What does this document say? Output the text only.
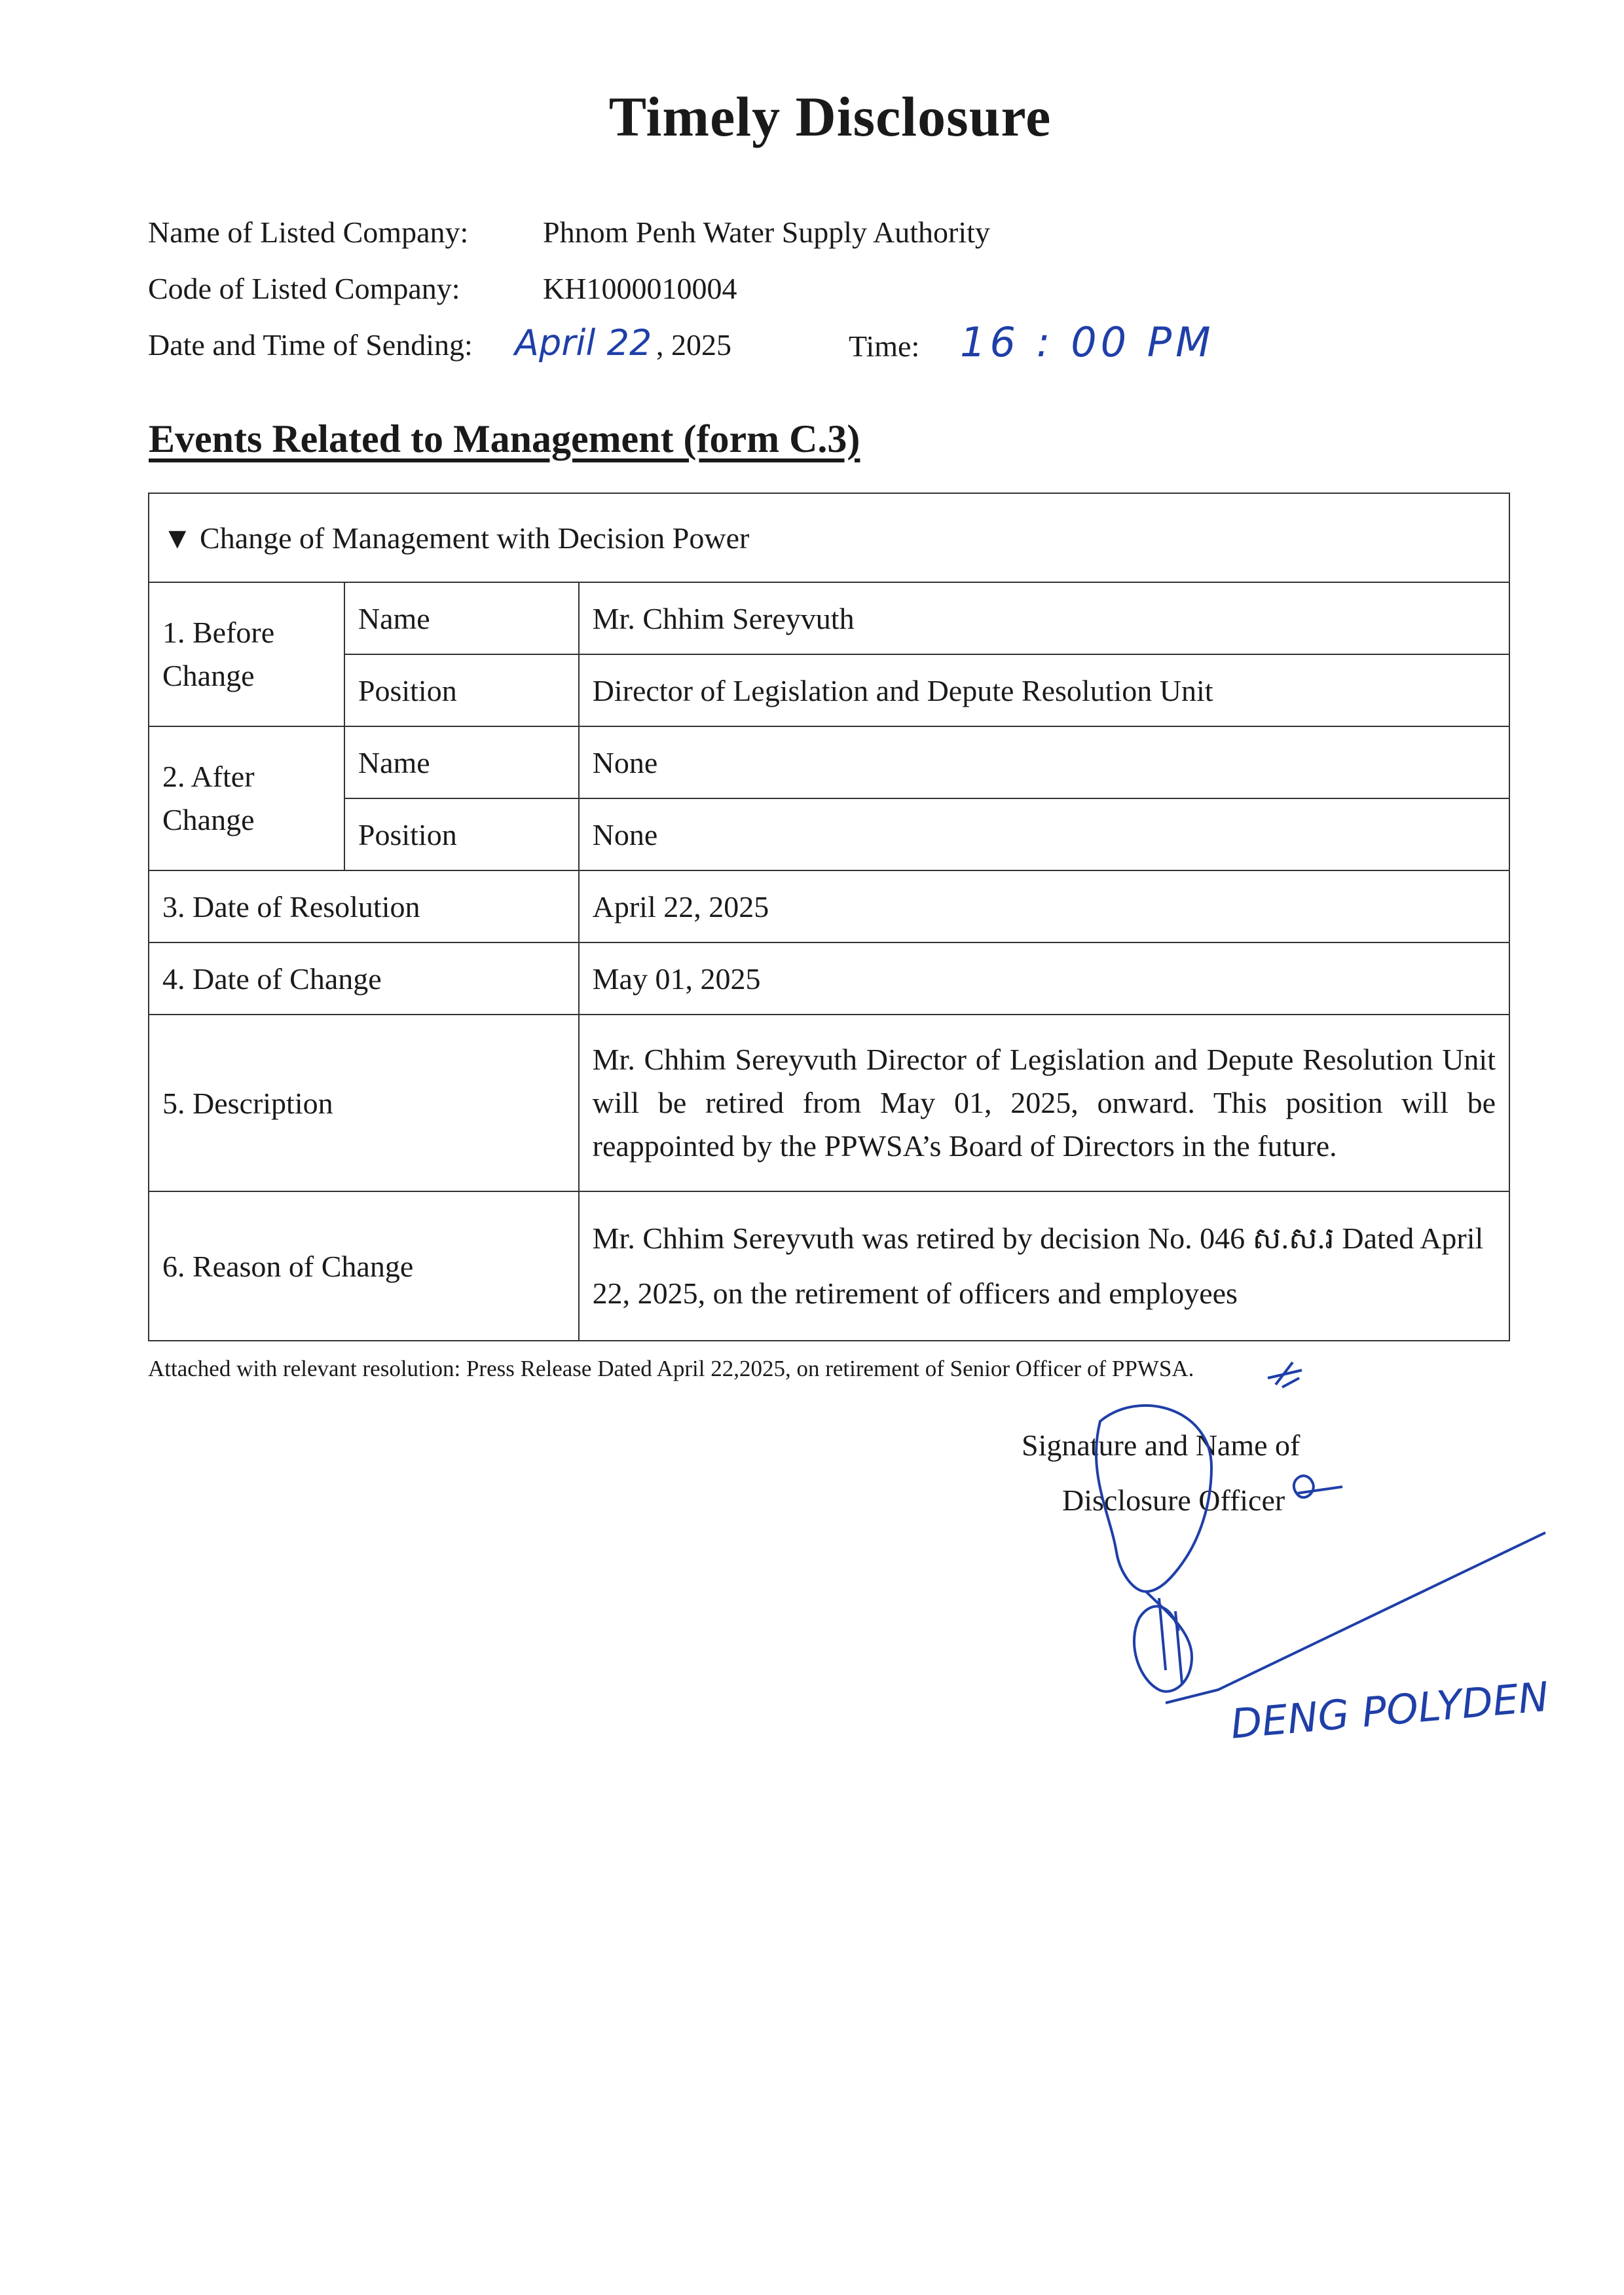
Timely Disclosure
Name of Listed Company: Phnom Penh Water Supply Authority
Code of Listed Company:	KH1000010004
Date and Time of Sending: April 22 , 2025	Time: 16 : 00 PM
Events Related to Management (form C.3)
▼ Change of Management with Decision Power		
1. Before Change	Name	Mr. Chhim Sereyvuth
	Position	Director of Legislation and Depute Resolution Unit
2. After Change	Name	None
	Position	None
3. Date of Resolution		April 22, 2025
4. Date of Change		May 01, 2025
5. Description		Mr. Chhim Sereyvuth Director of Legislation and Depute Resolution Unit will be retired from May 01, 2025, onward. This position will be reappointed by the PPWSA’s Board of Directors in the future.
6. Reason of Change		Mr. Chhim Sereyvuth was retired by decision No. 046 ស.ស.រ Dated April 22, 2025, on the retirement of officers and employees
Attached with relevant resolution: Press Release Dated April 22,2025, on retirement of Senior Officer of PPWSA.
Signature and Name of
Disclosure Officer
DENG POLYDEN
